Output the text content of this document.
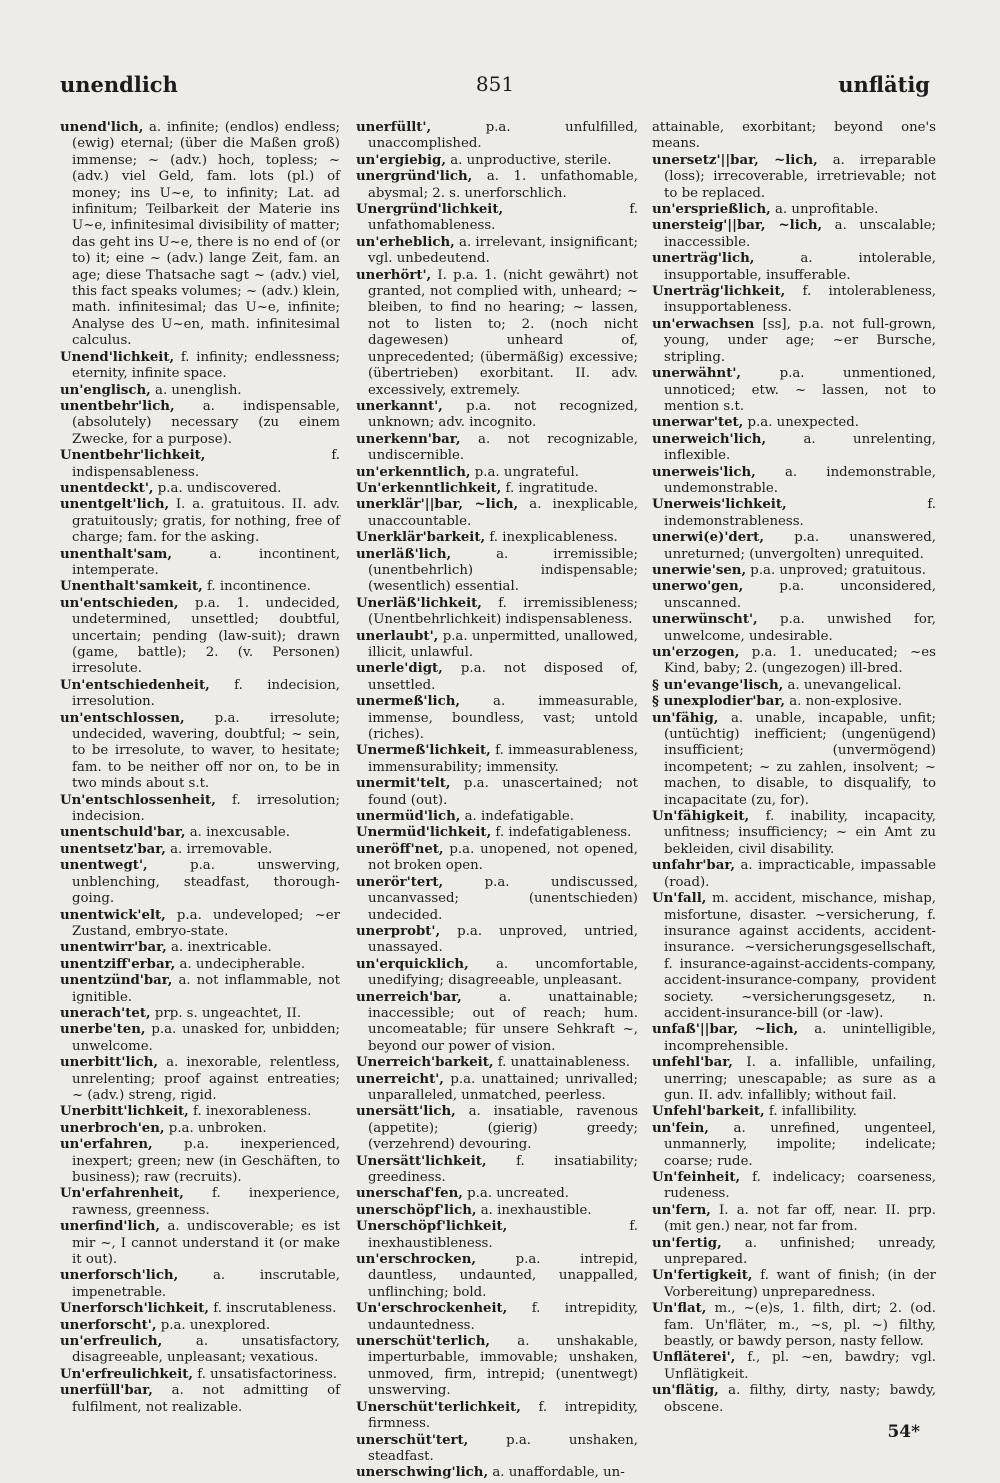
unendlich	851	unflätig

unend'lich, a. infinite; (endlos) endless; (ewig) eternal; (über die Maßen groß) immense; ~ (adv.) hoch, topless; ~ (adv.) viel Geld, fam. lots (pl.) of money; ins U~e, to infinity; Lat. ad infinitum; Teilbarkeit der Materie ins U~e, infinitesimal divisibility of matter; das geht ins U~e, there is no end of (or to) it; eine ~ (adv.) lange Zeit, fam. an age; diese Thatsache sagt ~ (adv.) viel, this fact speaks volumes; ~ (adv.) klein, math. infinitesimal; das U~e, infinite; Analyse des U~en, math. infinitesimal calculus.

Unend'lichkeit, f. infinity; endlessness; eternity, infinite space.

un'englisch, a. unenglish.

unentbehr'lich, a. indispensable, (absolutely) necessary (zu einem Zwecke, for a purpose).

Unentbehr'lichkeit, f. indispensableness.

unentdeckt', p.a. undiscovered.

unentgelt'lich, I. a. gratuitous. II. adv. gratuitously; gratis, for nothing, free of charge; fam. for the asking.

unenthalt'sam, a. incontinent, intemperate.

Unenthalt'samkeit, f. incontinence.

un'entschieden, p.a. 1. undecided, undetermined, unsettled; doubtful, uncertain; pending (law-suit); drawn (game, battle); 2. (v. Personen) irresolute.

Un'entschiedenheit, f. indecision, irresolution.

un'entschlossen, p.a. irresolute; undecided, wavering, doubtful; ~ sein, to be irresolute, to waver, to hesitate; fam. to be neither off nor on, to be in two minds about s.t.

Un'entschlossenheit, f. irresolution; indecision.

unentschuld'bar, a. inexcusable.

unentsetz'bar, a. irremovable.

unentwegt', p.a. unswerving, unblenching, steadfast, thorough-going.

unentwick'elt, p.a. undeveloped; ~er Zustand, embryo-state.

unentwirr'bar, a. inextricable.

unentziff'erbar, a. undecipherable.

unentzünd'bar, a. not inflammable, not ignitible.

unerach'tet, prp. s. ungeachtet, II.

unerbe'ten, p.a. unasked for, unbidden; unwelcome.

unerbitt'lich, a. inexorable, relentless, unrelenting; proof against entreaties; ~ (adv.) streng, rigid.

Unerbitt'lichkeit, f. inexorableness.

unerbroch'en, p.a. unbroken.

un'erfahren, p.a. inexperienced, inexpert; green; new (in Geschäften, to business); raw (recruits).

Un'erfahrenheit, f. inexperience, rawness, greenness.

unerfind'lich, a. undiscoverable; es ist mir ~, I cannot understand it (or make it out).

unerforsch'lich, a. inscrutable, impenetrable.

Unerforsch'lichkeit, f. inscrutableness.

unerforscht', p.a. unexplored.

un'erfreulich, a. unsatisfactory, disagreeable, unpleasant; vexatious.

Un'erfreulichkeit, f. unsatisfactoriness.

unerfüll'bar, a. not admitting of fulfilment, not realizable.

unerfüllt', p.a. unfulfilled, unaccomplished.

un'ergiebig, a. unproductive, sterile.

unergründ'lich, a. 1. unfathomable, abysmal; 2. s. unerforschlich.

Unergründ'lichkeit, f. unfathomableness.

un'erheblich, a. irrelevant, insignificant; vgl. unbedeutend.

unerhört', I. p.a. 1. (nicht gewährt) not granted, not complied with, unheard; ~ bleiben, to find no hearing; ~ lassen, not to listen to; 2. (noch nicht dagewesen) unheard of, unprecedented; (übermäßig) excessive; (übertrieben) exorbitant. II. adv. excessively, extremely.

unerkannt', p.a. not recognized, unknown; adv. incognito.

unerkenn'bar, a. not recognizable, undiscernible.

un'erkenntlich, p.a. ungrateful.

Un'erkenntlichkeit, f. ingratitude.

unerklär'||bar, ~lich, a. inexplicable, unaccountable.

Unerklär'barkeit, f. inexplicableness.

unerläß'lich, a. irremissible; (unentbehrlich) indispensable; (wesentlich) essential.

Unerläß'lichkeit, f. irremissibleness; (Unentbehrlichkeit) indispensableness.

unerlaubt', p.a. unpermitted, unallowed, illicit, unlawful.

unerle'digt, p.a. not disposed of, unsettled.

unermeß'lich, a. immeasurable, immense, boundless, vast; untold (riches).

Unermeß'lichkeit, f. immeasurableness, immensurability; immensity.

unermit'telt, p.a. unascertained; not found (out).

unermüd'lich, a. indefatigable.

Unermüd'lichkeit, f. indefatigableness.

uneröff'net, p.a. unopened, not opened, not broken open.

unerör'tert, p.a. undiscussed, uncanvassed; (unentschieden) undecided.

unerprobt', p.a. unproved, untried, unassayed.

un'erquicklich, a. uncomfortable, unedifying; disagreeable, unpleasant.

unerreich'bar, a. unattainable; inaccessible; out of reach; hum. uncomeatable; für unsere Sehkraft ~, beyond our power of vision.

Unerreich'barkeit, f. unattainableness.

unerreicht', p.a. unattained; unrivalled; unparalleled, unmatched, peerless.

unersätt'lich, a. insatiable, ravenous (appetite); (gierig) greedy; (verzehrend) devouring.

Unersätt'lichkeit, f. insatiability; greediness.

unerschaf'fen, p.a. uncreated.

unerschöpf'lich, a. inexhaustible.

Unerschöpf'lichkeit, f. inexhaustibleness.

un'erschrocken, p.a. intrepid, dauntless, undaunted, unappalled, unflinching; bold.

Un'erschrockenheit, f. intrepidity, undauntedness.

unerschüt'terlich, a. unshakable, imperturbable, immovable; unshaken, unmoved, firm, intrepid; (unentwegt) unswerving.

Unerschüt'terlichkeit, f. intrepidity, firmness.

unerschüt'tert, p.a. unshaken, steadfast.

unerschwing'lich, a. unaffordable, un-

attainable, exorbitant; beyond one's means.

unersetz'||bar, ~lich, a. irreparable (loss); irrecoverable, irretrievable; not to be replaced.

un'ersprießlich, a. unprofitable.

unersteig'||bar, ~lich, a. unscalable; inaccessible.

unerträg'lich, a. intolerable, insupportable, insufferable.

Unerträg'lichkeit, f. intolerableness, insupportableness.

un'erwachsen [ss], p.a. not full-grown, young, under age; ~er Bursche, stripling.

unerwähnt', p.a. unmentioned, unnoticed; etw. ~ lassen, not to mention s.t.

unerwar'tet, p.a. unexpected.

unerweich'lich, a. unrelenting, inflexible.

unerweis'lich, a. indemonstrable, undemonstrable.

Unerweis'lichkeit, f. indemonstrableness.

unerwi(e)'dert, p.a. unanswered, unreturned; (unvergolten) unrequited.

unerwie'sen, p.a. unproved; gratuitous.

unerwo'gen, p.a. unconsidered, unscanned.

unerwünscht', p.a. unwished for, unwelcome, undesirable.

un'erzogen, p.a. 1. uneducated; ~es Kind, baby; 2. (ungezogen) ill-bred.

§ un'evange'lisch, a. unevangelical.

§ unexplodier'bar, a. non-explosive.

un'fähig, a. unable, incapable, unfit; (untüchtig) inefficient; (ungenügend) insufficient; (unvermögend) incompetent; ~ zu zahlen, insolvent; ~ machen, to disable, to disqualify, to incapacitate (zu, for).

Un'fähigkeit, f. inability, incapacity, unfitness; insufficiency; ~ ein Amt zu bekleiden, civil disability.

unfahr'bar, a. impracticable, impassable (road).

Un'fall, m. accident, mischance, mishap, misfortune, disaster. ~versicherung, f. insurance against accidents, accident-insurance. ~versicherungsgesellschaft, f. insurance-against-accidents-company, accident-insurance-company, provident society. ~versicherungsgesetz, n. accident-insurance-bill (or -law).

unfaß'||bar, ~lich, a. unintelligible, incomprehensible.

unfehl'bar, I. a. infallible, unfailing, unerring; unescapable; as sure as a gun. II. adv. infallibly; without fail.

Unfehl'barkeit, f. infallibility.

un'fein, a. unrefined, ungenteel, unmannerly, impolite; indelicate; coarse; rude.

Un'feinheit, f. indelicacy; coarseness, rudeness.

un'fern, I. a. not far off, near. II. prp. (mit gen.) near, not far from.

un'fertig, a. unfinished; unready, unprepared.

Un'fertigkeit, f. want of finish; (in der Vorbereitung) unpreparedness.

Un'flat, m., ~(e)s, 1. filth, dirt; 2. (od. fam. Un'fläter, m., ~s, pl. ~) filthy, beastly, or bawdy person, nasty fellow.

Unfläterei', f., pl. ~en, bawdry; vgl. Unflätigkeit.

un'flätig, a. filthy, dirty, nasty; bawdy, obscene.

54*
